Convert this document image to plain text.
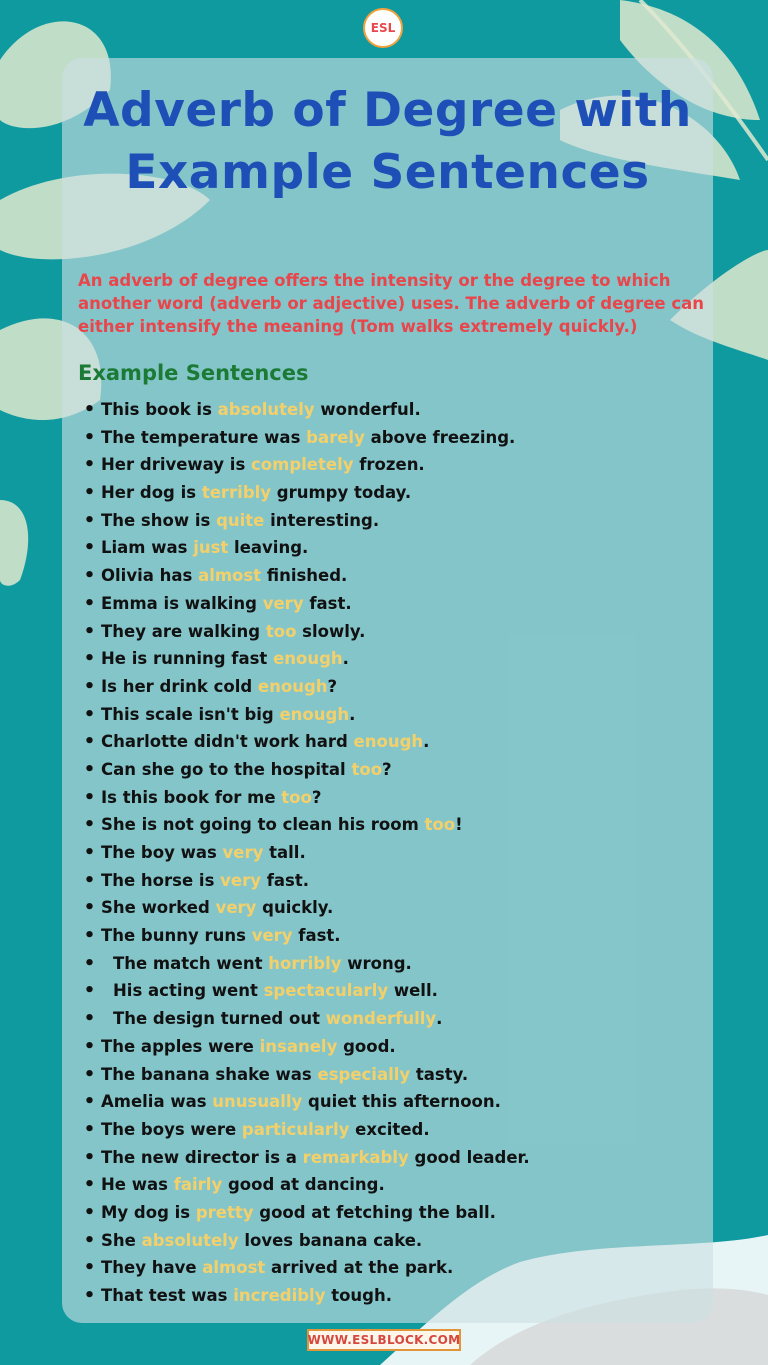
ESL
Adverb of Degree with Example Sentences

An adverb of degree offers the intensity or the degree to which another word (adverb or adjective) uses. The adverb of degree can either intensify the meaning (Tom walks extremely quickly.)

Example Sentences
• This book is absolutely wonderful.
• The temperature was barely above freezing.
• Her driveway is completely frozen.
• Her dog is terribly grumpy today.
• The show is quite interesting.
• Liam was just leaving.
• Olivia has almost finished.
• Emma is walking very fast.
• They are walking too slowly.
• He is running fast enough .
• Is her drink cold enough ?
• This scale isn't big enough .
• Charlotte didn't work hard enough .
• Can she go to the hospital too ?
• Is this book for me too ?
• She is not going to clean his room too !
• The boy was very tall.
• The horse is very fast.
• She worked very quickly.
• The bunny runs very fast.
•	The match went horribly wrong.
•	His acting went spectacularly well.
•	The design turned out wonderfully .
• The apples were insanely good.
• The banana shake was especially tasty.
• Amelia was unusually quiet this afternoon.
• The boys were particularly excited.
• The new director is a remarkably good leader.
• He was fairly good at dancing.
• My dog is pretty good at fetching the ball.
• She absolutely loves banana cake.
• They have almost arrived at the park.
• That test was incredibly tough.
WWW.ESLBLOCK.COM
